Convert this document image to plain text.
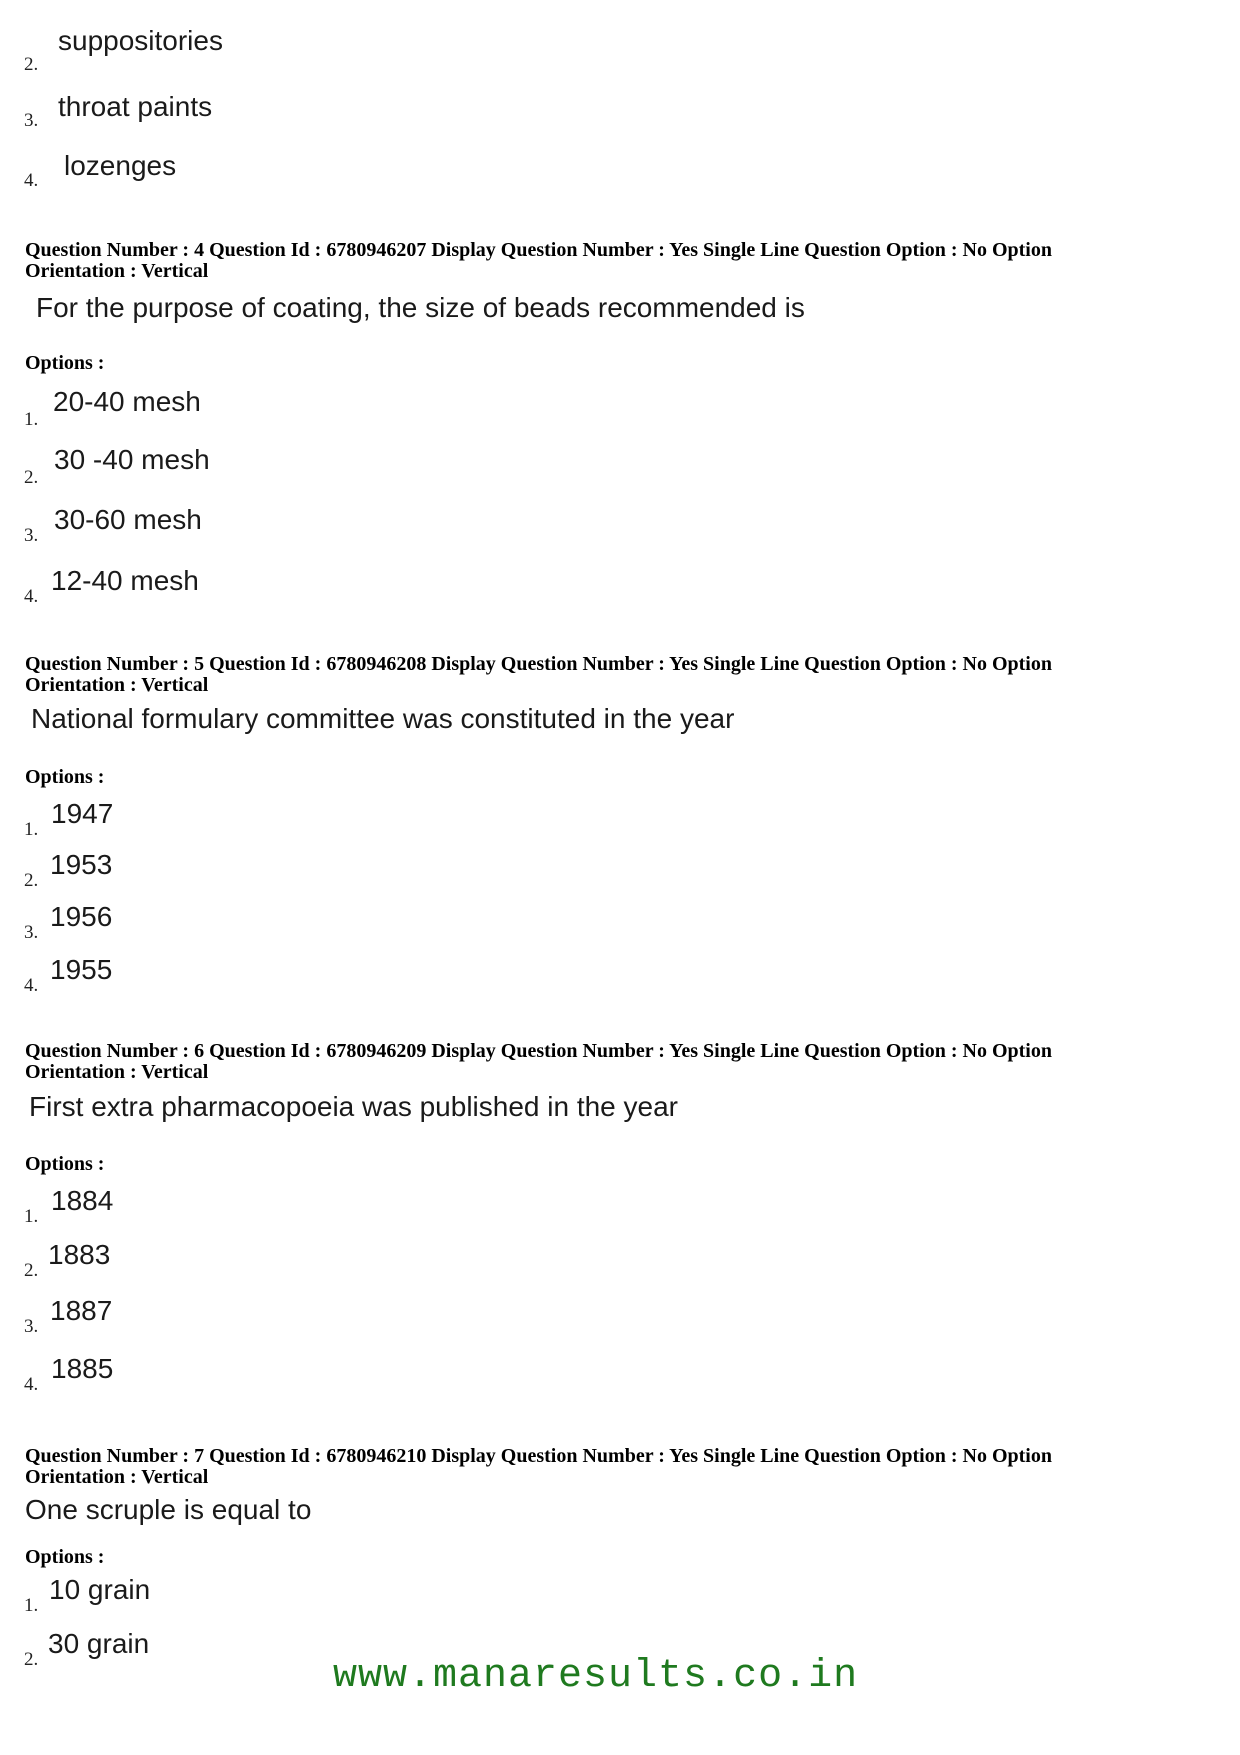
2.
suppositories
3. throat paints
4. lozenges
Question Number : 4 Question Id : 6780946207 Display Question Number : Yes Single Line Question Option : No Option
Orientation : Vertical
For the purpose of coating, the size of beads recommended is
Options :
1.
20-40 mesh
2.
30 -40 mesh
3.
30-60 mesh
4.
12-40 mesh
Question Number : 5 Question Id : 6780946208 Display Question Number : Yes Single Line Question Option : No Option
Orientation : Vertical
National formulary committee was constituted in the year
Options :
1.
1947
2.
1953
3.
1956
4.
1955
Question Number : 6 Question Id : 6780946209 Display Question Number : Yes Single Line Question Option : No Option
Orientation : Vertical
First extra pharmacopoeia was published in the year
Options :
1.
1884
2.
1883
3.
1887
4.
1885
Question Number : 7 Question Id : 6780946210 Display Question Number : Yes Single Line Question Option : No Option
Orientation : Vertical
One scruple is equal to
Options :
1.
10 grain
2.
30 grain
www.manaresults.co.in
